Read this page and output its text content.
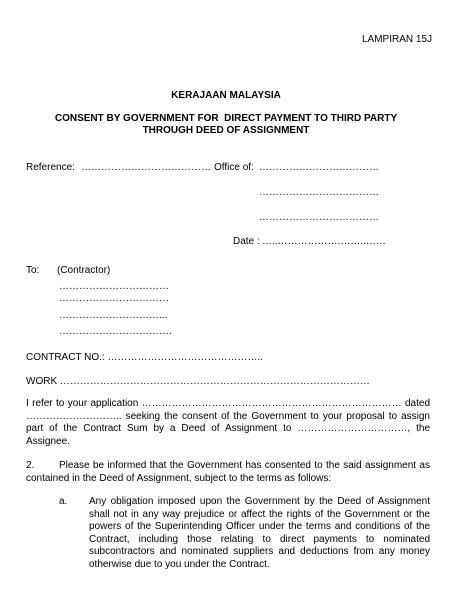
LAMPIRAN 15J
KERAJAAN MALAYSIA
CONSENT BY GOVERNMENT FOR  DIRECT PAYMENT TO THIRD PARTY
THROUGH DEED OF ASSIGNMENT
Reference: ………………………………… Office of: ………………………………
………………………………
………………………………
Date : …..……………….……..……
To: (Contractor)
……………………………
……………………………
…………………………...
…………………………….
CONTRACT NO.: ………………………………………..
WORK …………………………………………………………………………………

I refer to your application …………………………………………………………………… dated ……………………….. seeking the consent of the Government to your proposal to assign part of the Contract Sum by a Deed of Assignment to ……………………………, the Assignee.

2.	Please be informed that the Government has consented to the said assignment as contained in the Deed of Assignment, subject to the terms as follows:

a. Any obligation imposed upon the Government by the Deed of Assignment shall not in any way prejudice or affect the rights of the Government or the powers of the Superintending Officer under the terms and conditions of the Contract, including those relating to direct payments to nominated subcontractors and nominated suppliers and deductions from any money otherwise due to you under the Contract.
